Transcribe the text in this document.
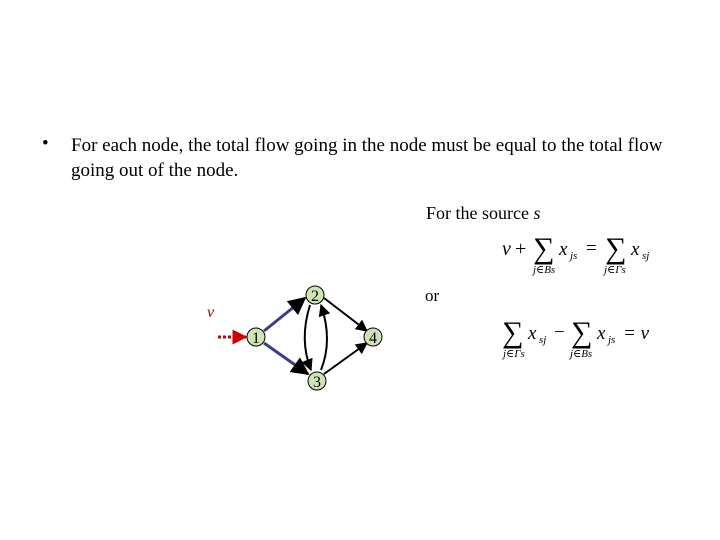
• For each node, the total flow going in the node must be equal to the total flow going out of the node.
For the source s
v + ∑ x js
j∈Bs
= ∑ x sj
j∈Γs
or
∑ x sj
j∈Γs
− ∑ x js
j∈Bs
= v
v
1
2
3
4
